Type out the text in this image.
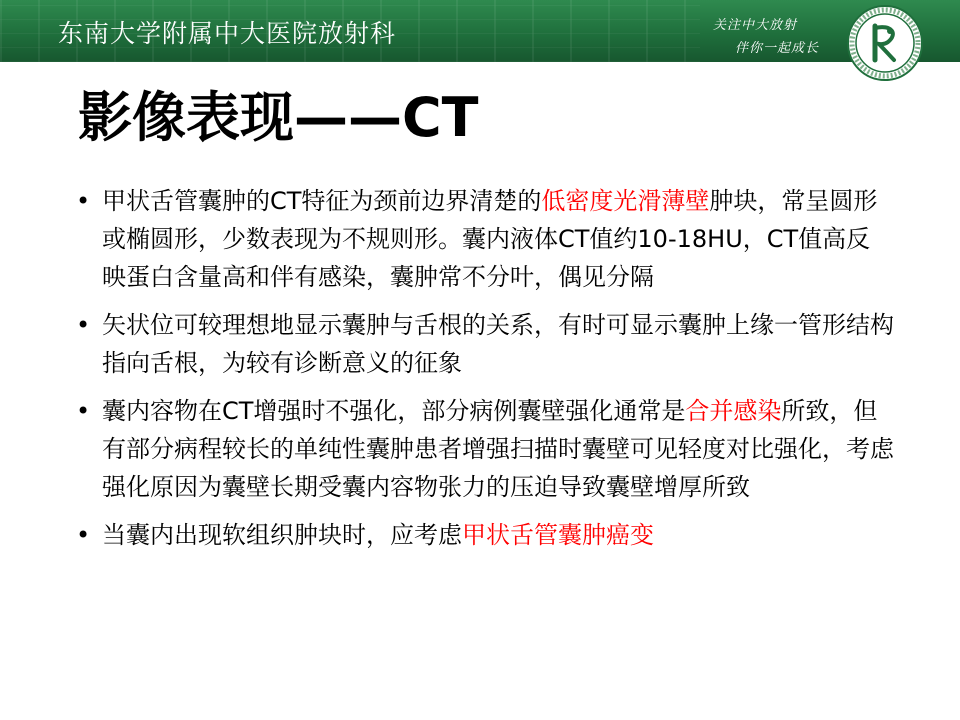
东南大学附属中大医院放射科	关注中大放射
伴你一起成长
影像表现——CT
• 甲状舌管囊肿的CT特征为颈前边界清楚的低密度光滑薄壁肿块，常呈圆形或椭圆形，少数表现为不规则形。囊内液体CT值约10-18HU，CT值高反映蛋白含量高和伴有感染，囊肿常不分叶，偶见分隔
• 矢状位可较理想地显示囊肿与舌根的关系，有时可显示囊肿上缘一管形结构指向舌根，为较有诊断意义的征象
• 囊内容物在CT增强时不强化，部分病例囊壁强化通常是合并感染所致，但有部分病程较长的单纯性囊肿患者增强扫描时囊壁可见轻度对比强化，考虑强化原因为囊壁长期受囊内容物张力的压迫导致囊壁增厚所致
• 当囊内出现软组织肿块时，应考虑甲状舌管囊肿癌变
